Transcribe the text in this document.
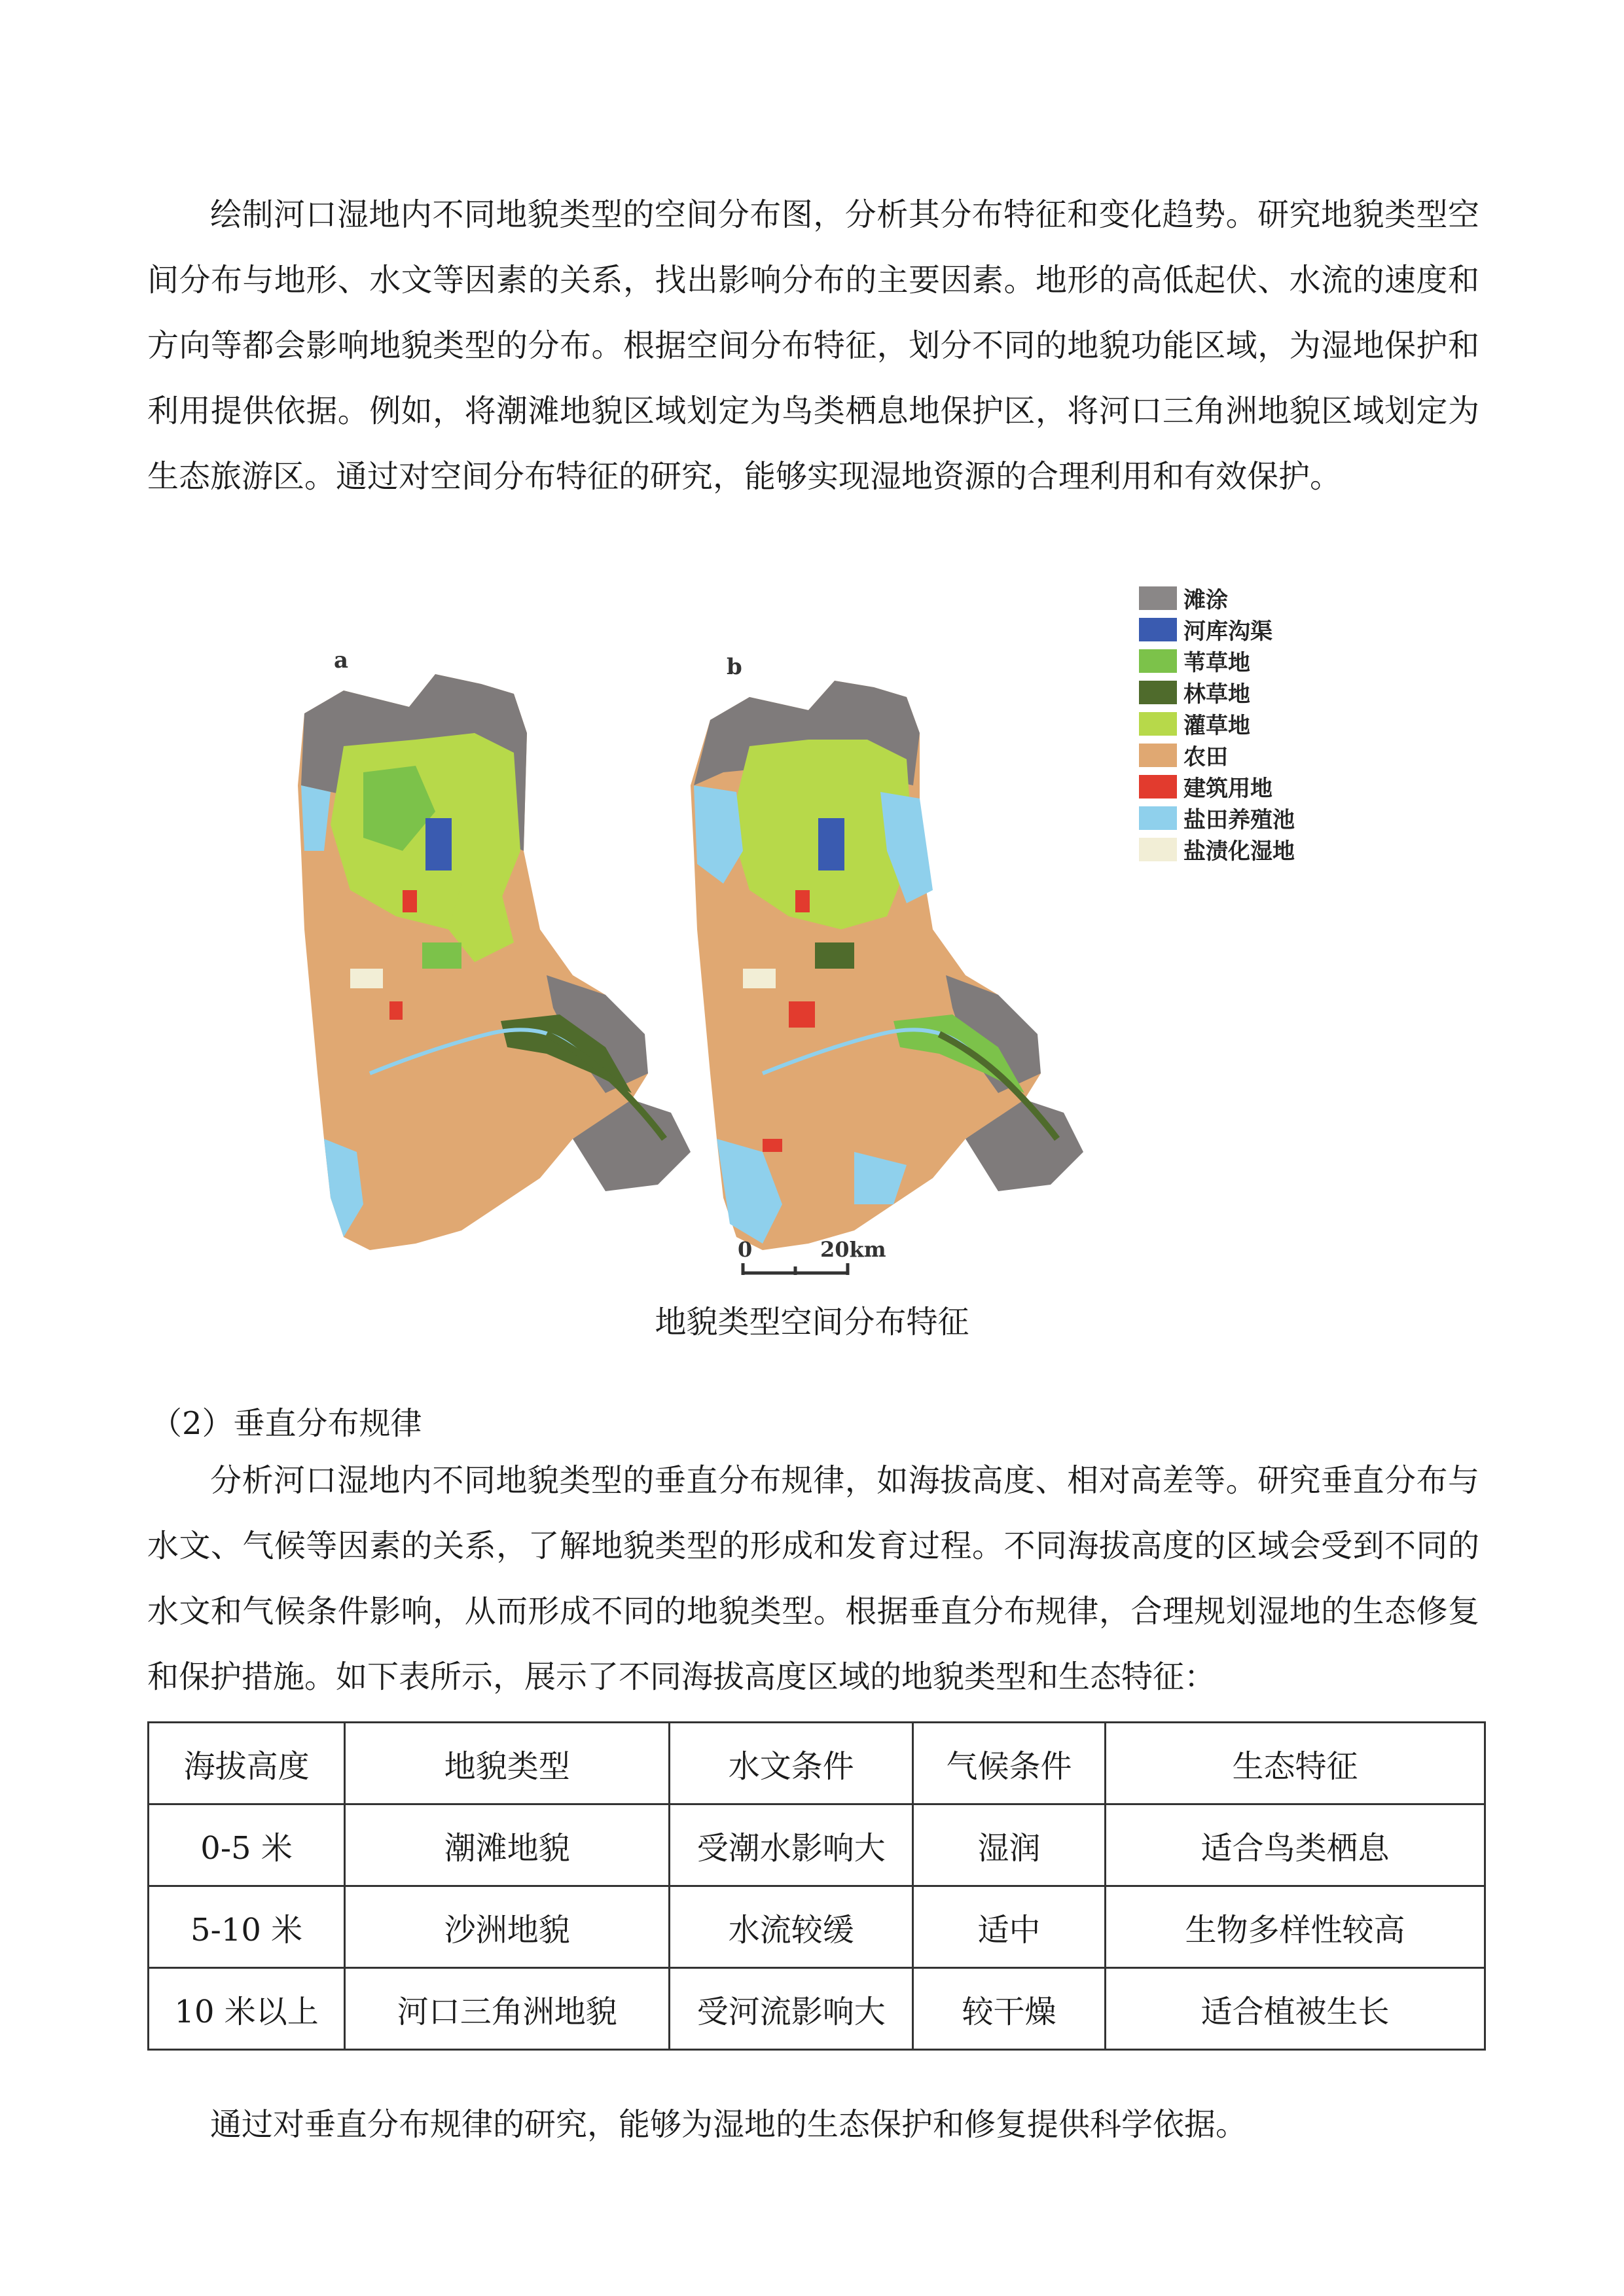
绘制河口湿地内不同地貌类型的空间分布图，分析其分布特征和变化趋势。研究地貌类型空间分布与地形、水文等因素的关系，找出影响分布的主要因素。地形的高低起伏、水流的速度和方向等都会影响地貌类型的分布。根据空间分布特征，划分不同的地貌功能区域，为湿地保护和利用提供依据。例如，将潮滩地貌区域划定为鸟类栖息地保护区，将河口三角洲地貌区域划定为生态旅游区。通过对空间分布特征的研究，能够实现湿地资源的合理利用和有效保护。

a	b
0	20km
滩涂
河库沟渠
苇草地
林草地
灌草地
农田
建筑用地
盐田养殖池
盐渍化湿地

地貌类型空间分布特征

（2）垂直分布规律

分析河口湿地内不同地貌类型的垂直分布规律，如海拔高度、相对高差等。研究垂直分布与水文、气候等因素的关系，了解地貌类型的形成和发育过程。不同海拔高度的区域会受到不同的水文和气候条件影响，从而形成不同的地貌类型。根据垂直分布规律，合理规划湿地的生态修复和保护措施。如下表所示，展示了不同海拔高度区域的地貌类型和生态特征：

海拔高度	地貌类型	水文条件	气候条件	生态特征
0-5 米	潮滩地貌	受潮水影响大	湿润	适合鸟类栖息
5-10 米	沙洲地貌	水流较缓	适中	生物多样性较高
10 米以上	河口三角洲地貌	受河流影响大	较干燥	适合植被生长

通过对垂直分布规律的研究，能够为湿地的生态保护和修复提供科学依据。
